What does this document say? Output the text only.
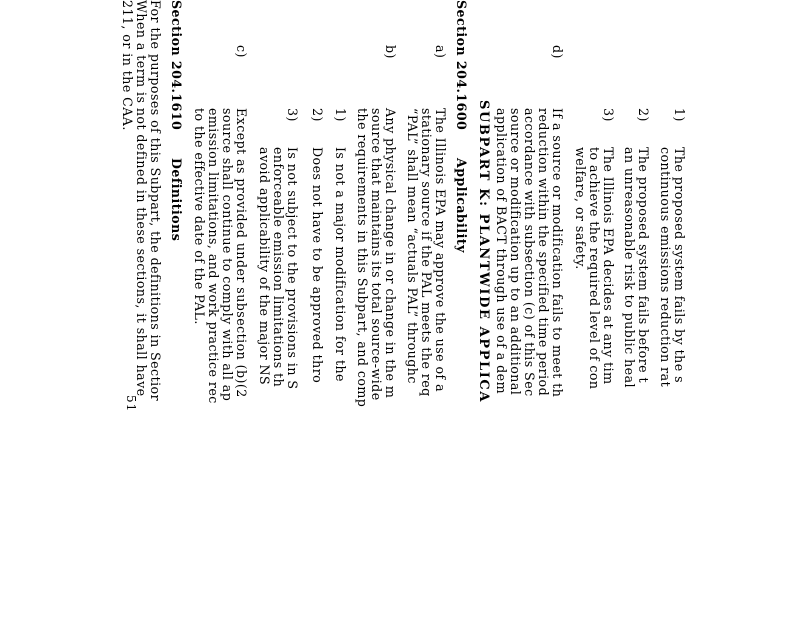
1)
The proposed system fails by the s
continuous emissions reduction rat
2)
The proposed system fails before t
an unreasonable risk to public heal
3)
The Illinois EPA decides at any tim
to achieve the required level of con
welfare, or safety.
d)
If a source or modification fails to meet th
reduction within the specified time period
accordance with subsection (c) of this Sec
source or modification up to an additional
application of BACT through use of a dem
SUBPART K: PLANTWIDE APPLICA
Section 204.1600
Applicability
a)
The Illinois EPA may approve the use of a
stationary source if the PAL meets the req
“PAL” shall mean “actuals PAL” throughc
b)
Any physical change in or change in the m
source that maintains its total source-wide
the requirements in this Subpart, and comp
1)
Is not a major modification for the
2)
Does not have to be approved thro
3)
Is not subject to the provisions in S
enforceable emission limitations th
avoid applicability of the major NS
c)
Except as provided under subsection (b)(2
source shall continue to comply with all ap
emission limitations, and work practice rec
to the effective date of the PAL.
Section 204.1610
Definitions
For the purposes of this Subpart, the definitions in Sectior
When a term is not defined in these sections, it shall have
211, or in the CAA.
51
